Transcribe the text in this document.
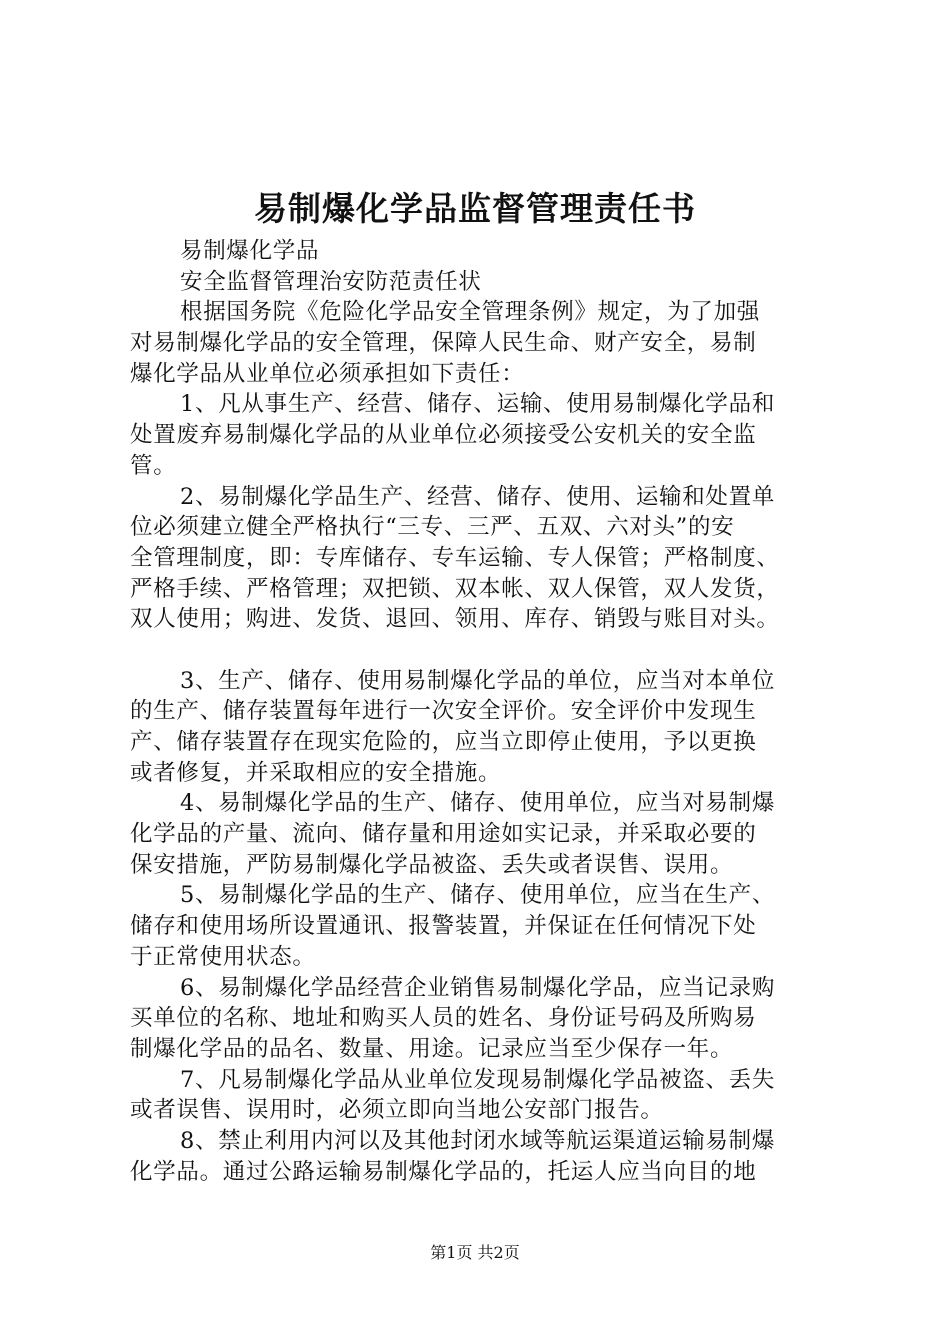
易制爆化学品监督管理责任书
易制爆化学品
安全监督管理治安防范责任状
根据国务院《危险化学品安全管理条例》规定，为了加强
对易制爆化学品的安全管理，保障人民生命、财产安全，易制
爆化学品从业单位必须承担如下责任：
1、凡从事生产、经营、储存、运输、使用易制爆化学品和
处置废弃易制爆化学品的从业单位必须接受公安机关的安全监
管。
2、易制爆化学品生产、经营、储存、使用、运输和处置单
位必须建立健全严格执行“三专、三严、五双、六对头”的安
全管理制度，即：专库储存、专车运输、专人保管；严格制度、
严格手续、严格管理；双把锁、双本帐、双人保管，双人发货，
双人使用；购进、发货、退回、领用、库存、销毁与账目对头。
3、生产、储存、使用易制爆化学品的单位，应当对本单位
的生产、储存装置每年进行一次安全评价。安全评价中发现生
产、储存装置存在现实危险的，应当立即停止使用，予以更换
或者修复，并采取相应的安全措施。
4、易制爆化学品的生产、储存、使用单位，应当对易制爆
化学品的产量、流向、储存量和用途如实记录，并采取必要的
保安措施，严防易制爆化学品被盗、丢失或者误售、误用。
5、易制爆化学品的生产、储存、使用单位，应当在生产、
储存和使用场所设置通讯、报警装置，并保证在任何情况下处
于正常使用状态。
6、易制爆化学品经营企业销售易制爆化学品，应当记录购
买单位的名称、地址和购买人员的姓名、身份证号码及所购易
制爆化学品的品名、数量、用途。记录应当至少保存一年。
7、凡易制爆化学品从业单位发现易制爆化学品被盗、丢失
或者误售、误用时，必须立即向当地公安部门报告。
8、禁止利用内河以及其他封闭水域等航运渠道运输易制爆
化学品。通过公路运输易制爆化学品的，托运人应当向目的地
第1页 共2页
